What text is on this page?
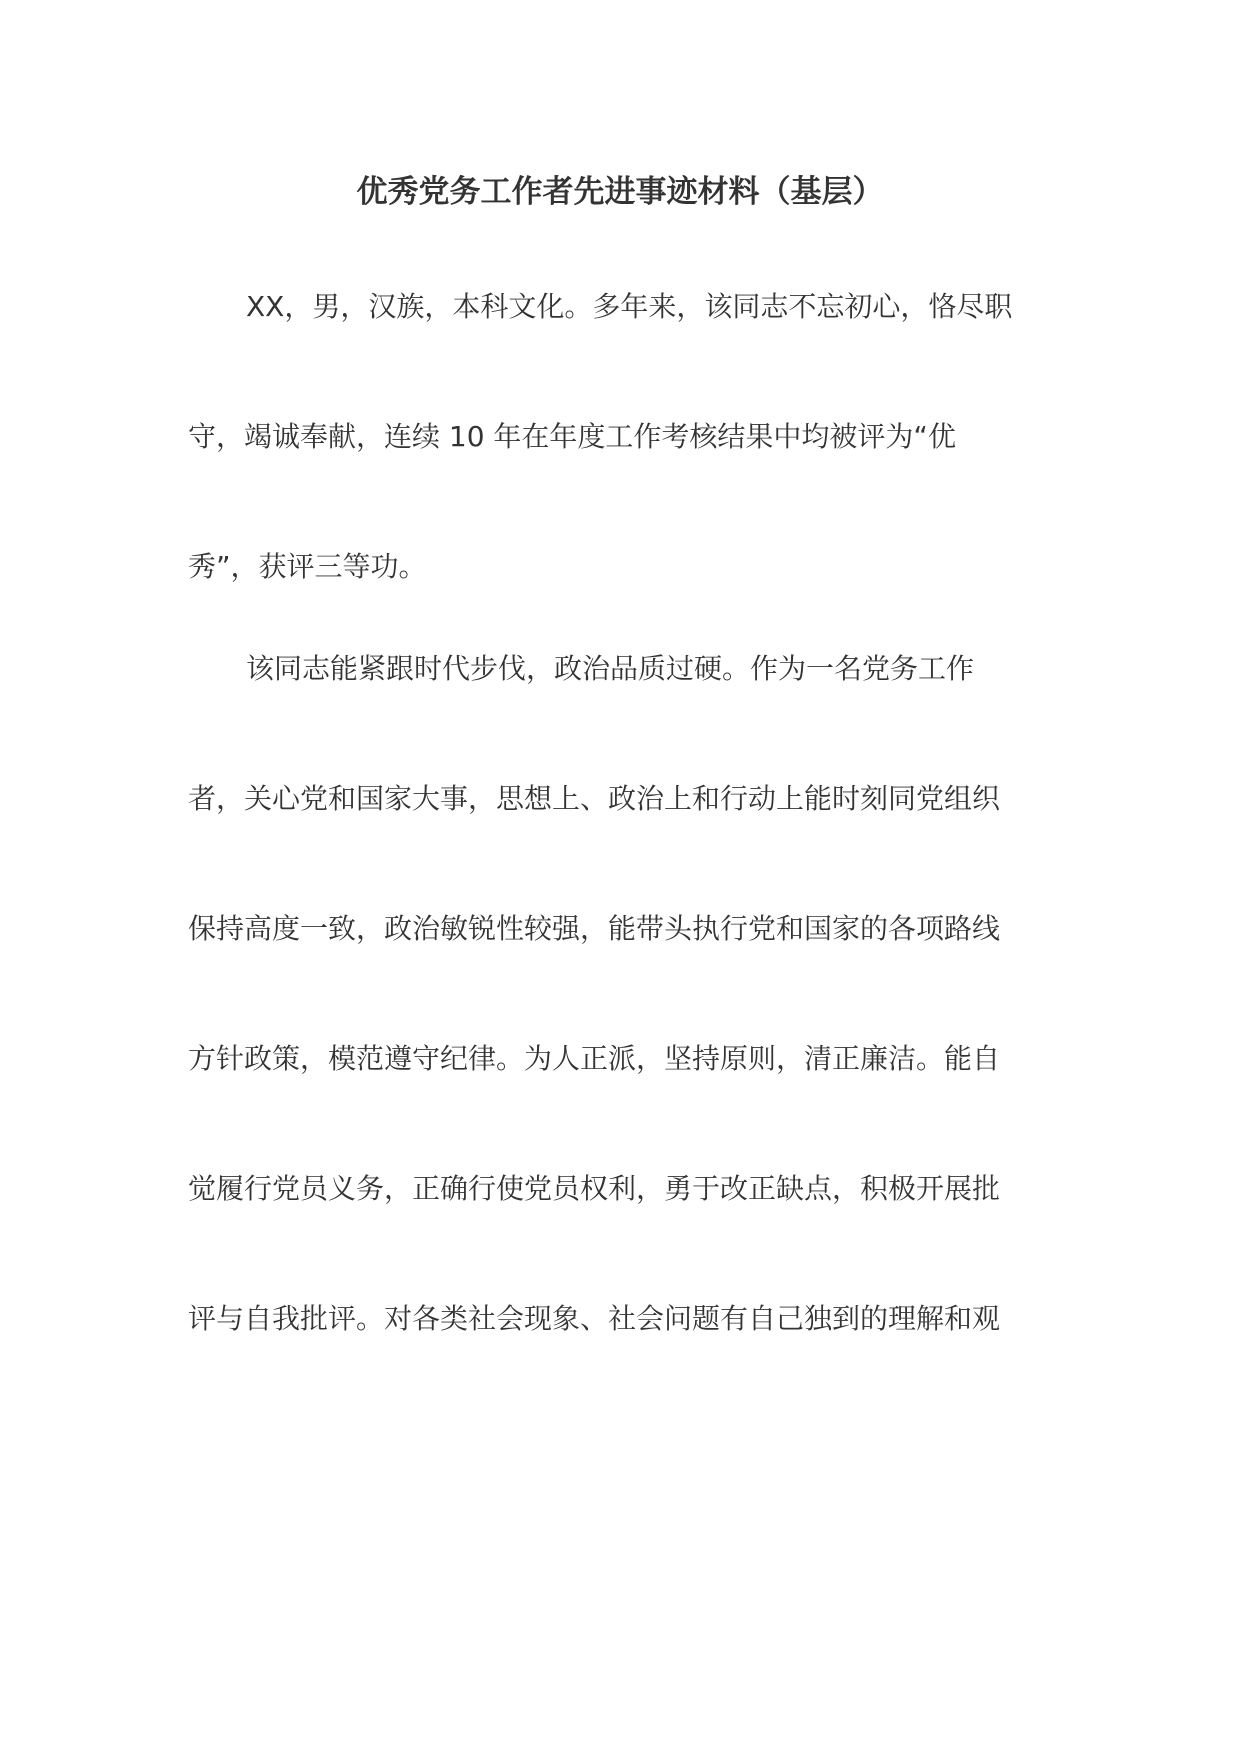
优秀党务工作者先进事迹材料（基层）
XX，男，汉族，本科文化。多年来，该同志不忘初心，恪尽职
守，竭诚奉献，连续 10 年在年度工作考核结果中均被评为“优
秀”，获评三等功。
该同志能紧跟时代步伐，政治品质过硬。作为一名党务工作
者，关心党和国家大事，思想上、政治上和行动上能时刻同党组织
保持高度一致，政治敏锐性较强，能带头执行党和国家的各项路线
方针政策，模范遵守纪律。为人正派，坚持原则，清正廉洁。能自
觉履行党员义务，正确行使党员权利，勇于改正缺点，积极开展批
评与自我批评。对各类社会现象、社会问题有自己独到的理解和观
